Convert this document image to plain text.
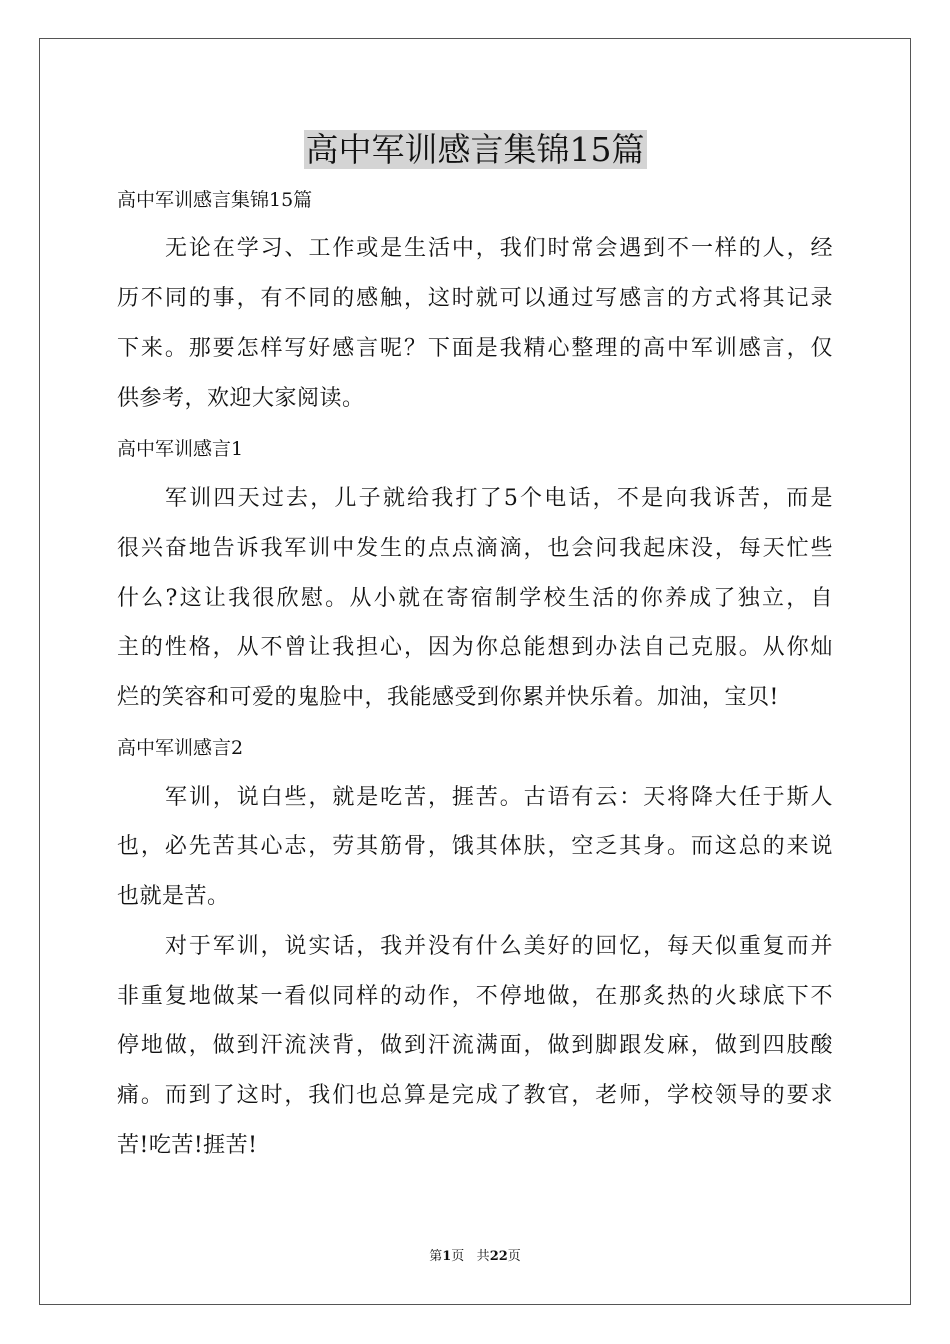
高中军训感言集锦15篇

高中军训感言集锦15篇

无论在学习、工作或是生活中，我们时常会遇到不一样的人，经

历不同的事，有不同的感触，这时就可以通过写感言的方式将其记录

下来。那要怎样写好感言呢？下面是我精心整理的高中军训感言，仅

供参考，欢迎大家阅读。

高中军训感言1

军训四天过去，儿子就给我打了5个电话，不是向我诉苦，而是

很兴奋地告诉我军训中发生的点点滴滴，也会问我起床没，每天忙些

什么?这让我很欣慰。从小就在寄宿制学校生活的你养成了独立，自

主的性格，从不曾让我担心，因为你总能想到办法自己克服。从你灿

烂的笑容和可爱的鬼脸中，我能感受到你累并快乐着。加油，宝贝!

高中军训感言2

军训，说白些，就是吃苦，捱苦。古语有云：天将降大任于斯人

也，必先苦其心志，劳其筋骨，饿其体肤，空乏其身。而这总的来说

也就是苦。

对于军训，说实话，我并没有什么美好的回忆，每天似重复而并

非重复地做某一看似同样的动作，不停地做，在那炙热的火球底下不

停地做，做到汗流浃背，做到汗流满面，做到脚跟发麻，做到四肢酸

痛。而到了这时，我们也总算是完成了教官，老师，学校领导的要求

苦!吃苦!捱苦!

第1页 共22页
